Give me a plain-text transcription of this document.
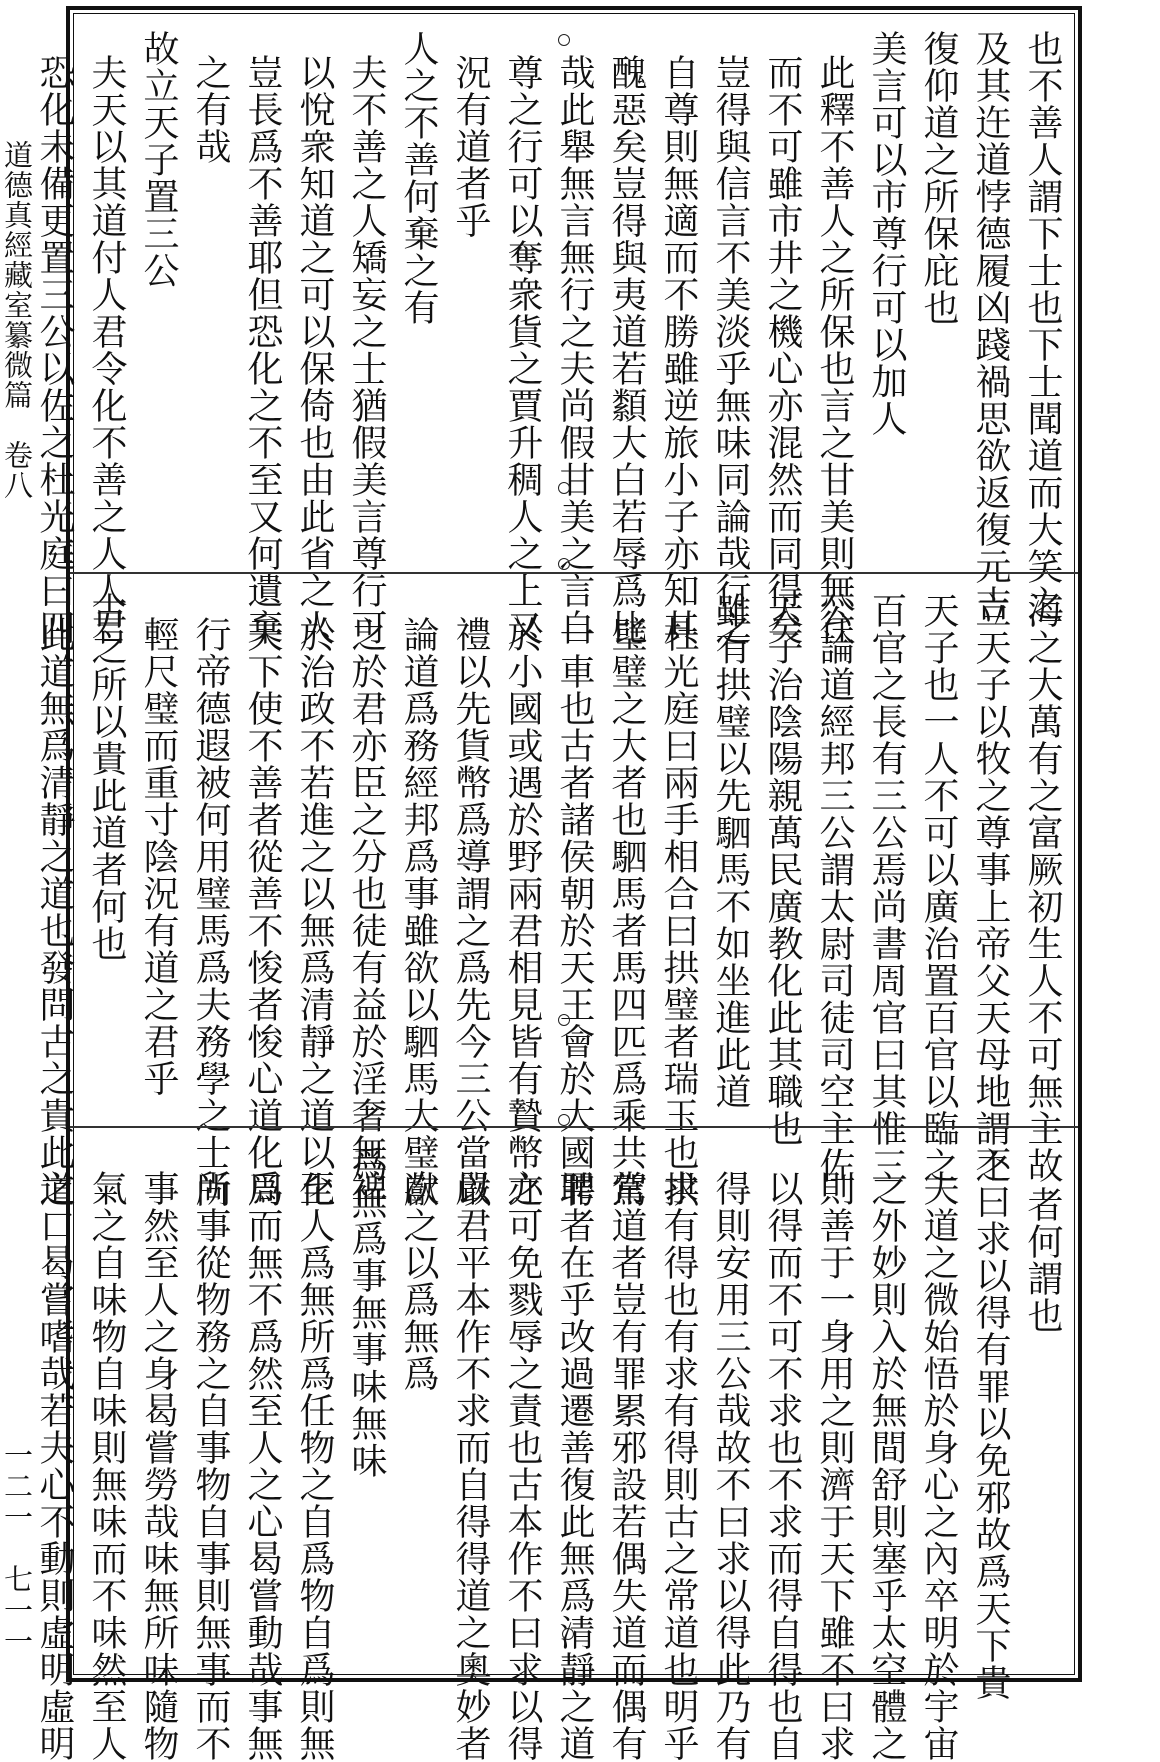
道德真經藏室纂微篇　卷八
一二一　七一一
也不善人謂下士也下士聞道而大笑之
及其迕道悖德履凶踐禍思欲返復元吉
復仰道之所保庇也
美言可以市尊行可以加人
此釋不善人之所保也言之甘美則無往
而不可雖市井之機心亦混然而同得矣
豈得與信言不美淡乎無味同論哉行之
自尊則無適而不勝雖逆旅小子亦知其
醜惡矣豈得與夷道若纇大白若辱爲比
哉此舉無言無行之夫尚假甘美之言自
尊之行可以奪衆貨之賈升稠人之上又
況有道者乎
人之不善何棄之有
夫不善之人矯妄之士猶假美言尊行可
以悅衆知道之可以保倚也由此省之人
豈長爲不善耶但恐化之不至又何遺棄
之有哉
故立天子置三公
夫天以其道付人君令化不善之人人君
恐化未備更置三公以佐之杜光庭曰四
海之大萬有之富厥初生人不可無主故
立天子以牧之尊事上帝父天母地謂之
天子也一人不可以廣治置百官以臨之
百官之長有三公焉尚書周官曰其惟三
公論道經邦三公謂太尉司徒司空主佐
天子治陰陽親萬民廣教化此其職也
雖有拱璧以先駟馬不如坐進此道
杜光庭曰兩手相合曰拱璧者瑞玉也拱
璧璧之大者也駟馬者馬四匹爲乘共駕
一車也古者諸侯朝於天王會於大國聘
於小國或遇於野兩君相見皆有贄幣之
禮以先貨幣爲導謂之爲先今三公當以
論道爲務經邦爲事雖欲以駟馬大璧獻
之於君亦臣之分也徒有益於淫奢無裨
於治政不若進之以無爲清靜之道以化
天下使不善者從善不悛者悛心道化周
行帝德遐被何用璧馬爲夫務學之士尚
輕尺璧而重寸陰況有道之君乎
古之所以貴此道者何也
此道無爲清靜之道也發問古之貴此道
者何謂也
不曰求以得有罪以免邪故爲天下貴
夫道之微始悟於身心之內卒明於宇宙
之外妙則入於無間舒則塞乎太空體之
則善于一身用之則濟于天下雖不曰求
以得而不可不求也不求而得自得也自
得則安用三公哉故不曰求以得此乃有
求有得也有求有得則古之常道也明乎
常道者豈有罪累邪設若偶失道而偶有
罪者在乎改過遷善復此無爲清靜之道
亦可免戮辱之責也古本作不曰求以得
嚴君平本作不求而自得得道之奧妙者
次之以爲無爲
爲無爲事無事味無味
至人爲無所爲任物之自爲物自爲則無
爲而無不爲然至人之心曷嘗動哉事無
所事從物務之自事物自事則無事而不
事然至人之身曷嘗勞哉味無所味隨物
氣之自味物自味則無味而不味然至人
之口曷嘗嗜哉若夫心不動則虛明虛明
